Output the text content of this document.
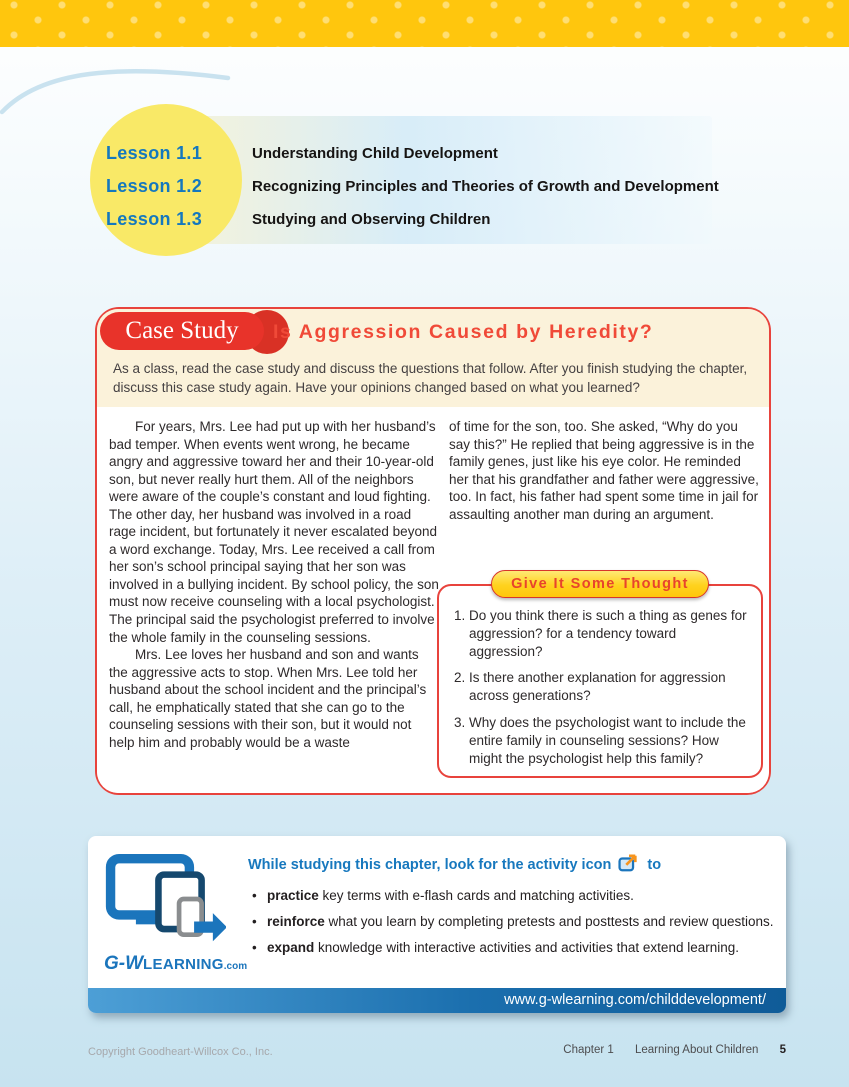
Lesson 1.1	Understanding Child Development
Lesson 1.2	Recognizing Principles and Theories of Growth and Development
Lesson 1.3	Studying and Observing Children
Case Study	Is Aggression Caused by Heredity?
As a class, read the case study and discuss the questions that follow. After you finish studying the chapter, discuss this case study again. Have your opinions changed based on what you learned?

For years, Mrs. Lee had put up with her husband’s bad temper. When events went wrong, he became angry and aggressive toward her and their 10-year-old son, but never really hurt them. All of the neighbors were aware of the couple’s constant and loud fighting. The other day, her husband was involved in a road rage incident, but fortunately it never escalated beyond a word exchange. Today, Mrs. Lee received a call from her son’s school principal saying that her son was involved in a bullying incident. By school policy, the son must now receive counseling with a local psychologist. The principal said the psychologist preferred to involve the whole family in the counseling sessions.

Mrs. Lee loves her husband and son and wants the aggressive acts to stop. When Mrs. Lee told her husband about the school incident and the principal’s call, he emphatically stated that she can go to the counseling sessions with their son, but it would not help him and probably would be a waste

of time for the son, too. She asked, “Why do you say this?” He replied that being aggressive is in the family genes, just like his eye color. He reminded her that his grandfather and father were aggressive, too. In fact, his father had spent some time in jail for assaulting another man during an argument.

Give It Some Thought
1. Do you think there is such a thing as genes for aggression? for a tendency toward aggression?
2. Is there another explanation for aggression across generations?
3. Why does the psychologist want to include the entire family in counseling sessions? How might the psychologist help this family?
G-WLEARNING.com
While studying this chapter, look for the activity icon to
• practice key terms with e-flash cards and matching activities.
• reinforce what you learn by completing pretests and posttests and review questions.
• expand knowledge with interactive activities and activities that extend learning.
www.g-wlearning.com/childdevelopment/
Copyright Goodheart-Willcox Co., Inc.	Chapter 1 Learning About Children 5
